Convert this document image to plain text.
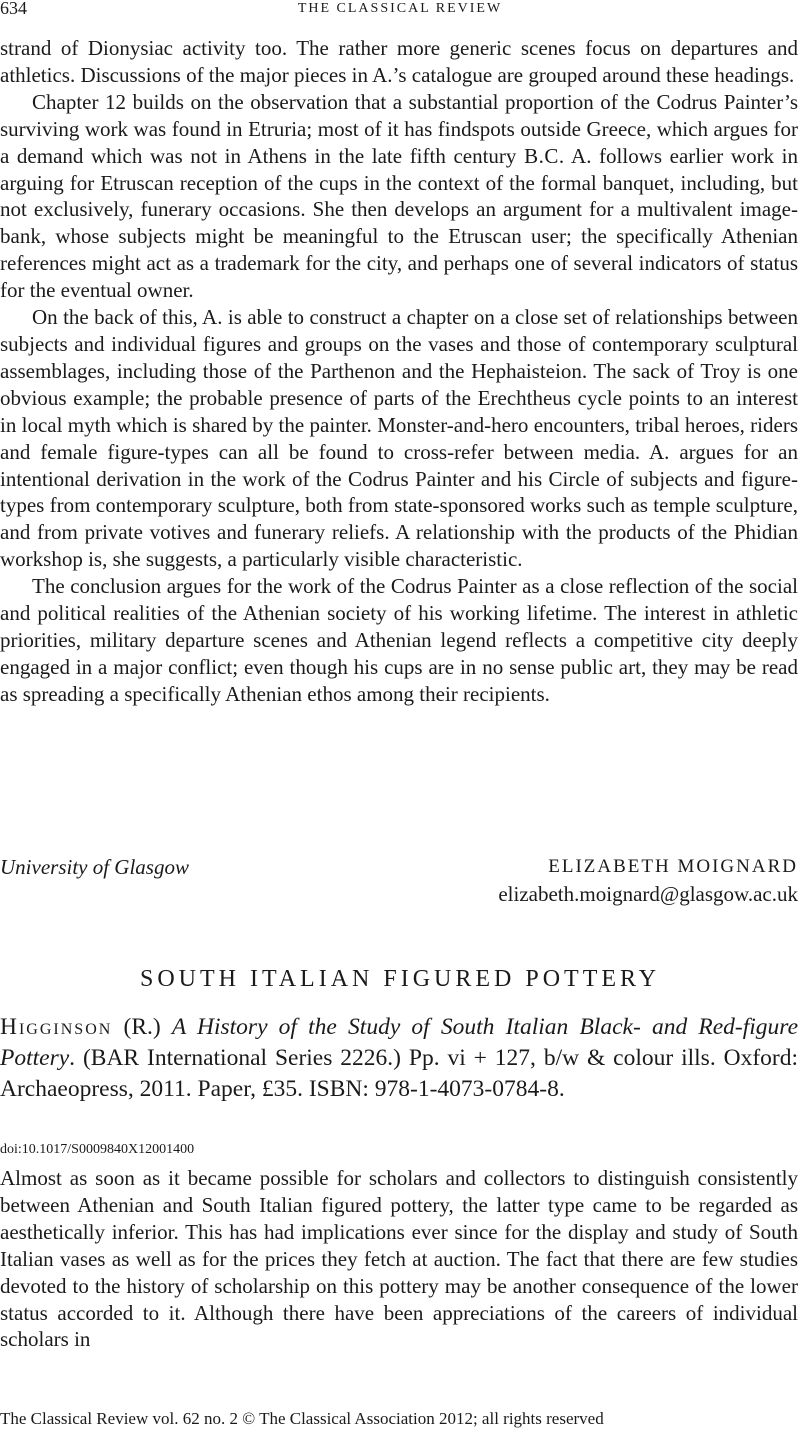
634	THE CLASSICAL REVIEW

strand of Dionysiac activity too. The rather more generic scenes focus on departures and athletics. Discussions of the major pieces in A.’s catalogue are grouped around these headings.

Chapter 12 builds on the observation that a substantial proportion of the Codrus Painter’s surviving work was found in Etruria; most of it has findspots outside Greece, which argues for a demand which was not in Athens in the late fifth century B.C. A. follows earlier work in arguing for Etruscan reception of the cups in the context of the formal banquet, including, but not exclusively, funerary occasions. She then develops an argument for a multivalent image-bank, whose subjects might be meaningful to the Etruscan user; the specifically Athenian references might act as a trademark for the city, and perhaps one of several indicators of status for the eventual owner.

On the back of this, A. is able to construct a chapter on a close set of relationships between subjects and individual figures and groups on the vases and those of contemporary sculptural assemblages, including those of the Parthenon and the Hephaisteion. The sack of Troy is one obvious example; the probable presence of parts of the Erechtheus cycle points to an interest in local myth which is shared by the painter. Monster-and-hero encounters, tribal heroes, riders and female figure-types can all be found to cross-refer between media. A. argues for an intentional derivation in the work of the Codrus Painter and his Circle of subjects and figure-types from contemporary sculpture, both from state-sponsored works such as temple sculpture, and from private votives and funerary reliefs. A relationship with the products of the Phidian workshop is, she suggests, a particularly visible characteristic.

The conclusion argues for the work of the Codrus Painter as a close reflection of the social and political realities of the Athenian society of his working lifetime. The interest in athletic priorities, military departure scenes and Athenian legend reflects a competitive city deeply engaged in a major conflict; even though his cups are in no sense public art, they may be read as spreading a specifically Athenian ethos among their recipients.

University of Glasgow	ELIZABETH MOIGNARD
elizabeth.moignard@glasgow.ac.uk
SOUTH ITALIAN FIGURED POTTERY

Higginson (R.) A History of the Study of South Italian Black- and Red-figure Pottery. (BAR International Series 2226.) Pp. vi + 127, b/w & colour ills. Oxford: Archaeopress, 2011. Paper, £35. ISBN: 978-1-4073-0784-8.

doi:10.1017/S0009840X12001400

Almost as soon as it became possible for scholars and collectors to distinguish consistently between Athenian and South Italian figured pottery, the latter type came to be regarded as aesthetically inferior. This has had implications ever since for the display and study of South Italian vases as well as for the prices they fetch at auction. The fact that there are few studies devoted to the history of scholarship on this pottery may be another consequence of the lower status accorded to it. Although there have been appreciations of the careers of individual scholars in

The Classical Review vol. 62 no. 2 © The Classical Association 2012; all rights reserved
